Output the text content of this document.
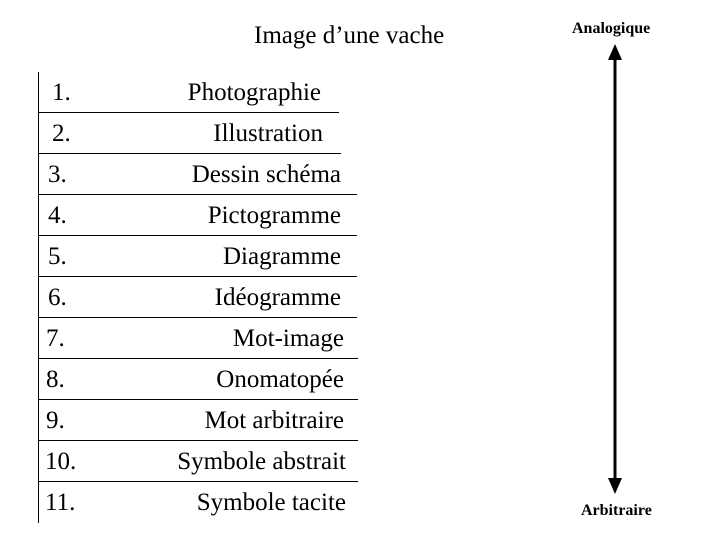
Image d’une vache	Analogique
Arbitraire
1.	Photographie
2.	Illustration
3.	Dessin schéma
4.	Pictogramme
5.	Diagramme
6.	Idéogramme
7.	Mot-image
8.	Onomatopée
9.	Mot arbitraire
10.	Symbole abstrait
11.	Symbole tacite
